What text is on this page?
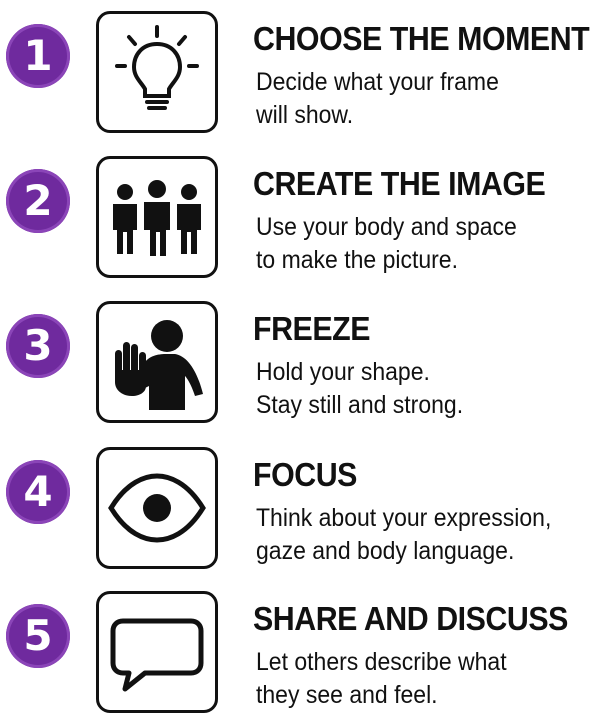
1	CHOOSE THE MOMENT
Decide what your frame
will show.
2	CREATE THE IMAGE
Use your body and space
to make the picture.
3	FREEZE
Hold your shape.
Stay still and strong.
4	FOCUS
Think about your expression,
gaze and body language.
5	SHARE AND DISCUSS
Let others describe what
they see and feel.
